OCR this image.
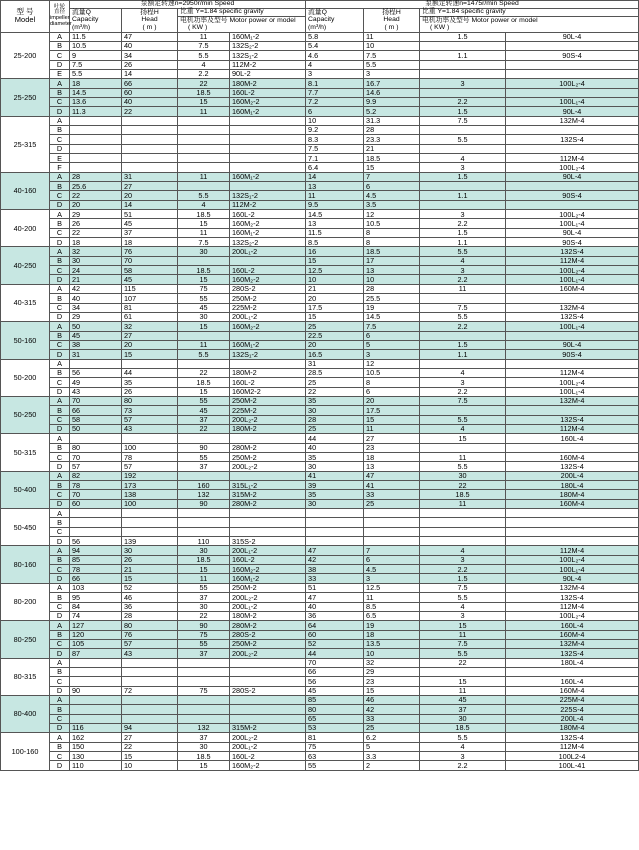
型 号
Model	叶轮
直径
impeller
diameter	泵额定转速n=2950r/min Speed				泵额定转速n=1475r/min Speed			
		流量Q
Capacity
(m³/h)	扬程H
Head
( m )	比重 Y=1.84 specific gravity		流量Q
Capacity
(m³/h)	扬程H
Head
( m )	比重 Y=1.84 specific gravity	
				电机功率及型号 Motor power or model
( KW )				电机功率及型号 Motor power or model
( KW )	
25-200	A	11.5	47	11	160M₁-2	5.8	11	1.5	90L-4
	B	10.5	40	7.5	132S₂-2	5.4	10		
	C	9	34	5.5	132S₁-2	4.6	7.5	1.1	90S-4
	D	7.5	26	4	112M-2	4	5.5		
	E	5.5	14	2.2	90L-2	3	3		
25-250	A	18	66	22	180M-2	8.1	16.7	3	100L₂-4
	B	14.5	60	18.5	160L-2	7.7	14.6		
	C	13.6	40	15	160M₂-2	7.2	9.9	2.2	100L₁-4
	D	11.3	22	11	160M₁-2	6	5.2	1.5	90L-4
25-315	A					10	31.3	7.5	132M-4
	B					9.2	28		
	C					8.3	23.3	5.5	132S-4
	D					7.5	21		
	E					7.1	18.5	4	112M-4
	F					6.4	15	3	100L₂-4
40-160	A	28	31	11	160M₁-2	14	7	1.5	90L-4
	B	25.6	27			13	6		
	C	22	20	5.5	132S₁-2	11	4.5	1.1	90S-4
	D	20	14	4	112M-2	9.5	3.5		
40-200	A	29	51	18.5	160L-2	14.5	12	3	100L₂-4
	B	26	45	15	160M₂-2	13	10.5	2.2	100L₁-4
	C	22	37	11	160M₁-2	11.5	8	1.5	90L-4
	D	18	18	7.5	132S₂-2	8.5	8	1.1	90S-4
40-250	A	32	76	30	200L₁-2	16	18.5	5.5	132S-4
	B	30	70			15	17	4	112M-4
	C	24	58	18.5	160L-2	12.5	13	3	100L₂-4
	D	21	45	15	160M₂-2	10	10	2.2	100L₁-4
40-315	A	42	115	75	280S-2	21	28	11	160M-4
	B	40	107	55	250M-2	20	25.5		
	C	34	81	45	225M-2	17.5	19	7.5	132M-4
	D	29	61	30	200L₁-2	15	14.5	5.5	132S-4
50-160	A	50	32	15	160M₂-2	25	7.5	2.2	100L₁-4
	B	45	27			22.5	6		
	C	38	20	11	160M₁-2	20	5	1.5	90L-4
	D	31	15	5.5	132S₁-2	16.5	3	1.1	90S-4
50-200	A					31	12		
	B	56	44	22	180M-2	28.5	10.5	4	112M-4
	C	49	35	18.5	160L-2	25	8	3	100L₂-4
	D	43	26	15	160M2-2	22	6	2.2	100L₁-4
50-250	A	70	80	55	250M-2	35	20	7.5	132M-4
	B	66	73	45	225M-2	30	17.5		
	C	58	57	37	200L₂-2	28	15	5.5	132S-4
	D	50	43	22	180M-2	25	11	4	112M-4
50-315	A					44	27	15	160L-4
	B	80	100	90	280M-2	40	23		
	C	70	78	55	250M-2	35	18	11	160M-4
	D	57	57	37	200L₂-2	30	13	5.5	132S-4
50-400	A	82	192			41	47	30	200L-4
	B	78	173	160	315L₁-2	39	41	22	180L-4
	C	70	138	132	315M-2	35	33	18.5	180M-4
	D	60	100	90	280M-2	30	25	11	160M-4
50-450	A								
	B								
	C								
	D	56	139	110	315S-2				
80-160	A	94	30	30	200L₁-2	47	7	4	112M-4
	B	85	26	18.5	160L-2	42	6	3	100L₂-4
	C	78	21	15	160M₂-2	38	4.5	2.2	100L₁-4
	D	66	15	11	160M₁-2	33	3	1.5	90L-4
80-200	A	103	52	55	250M-2	51	12.5	7.5	132M-4
	B	95	46	37	200L₂-2	47	11	5.5	132S-4
	C	84	36	30	200L₁-2	40	8.5	4	112M-4
	D	74	28	22	180M-2	36	6.5	3	100L₂-4
80-250	A	127	80	90	280M-2	64	19	15	160L-4
	B	120	76	75	280S-2	60	18	11	160M-4
	C	105	57	55	250M-2	52	13.5	7.5	132M-4
	D	87	43	37	200L₂-2	44	10	5.5	132S-4
80-315	A					70	32	22	180L-4
	B					66	29		
	C					56	23	15	160L-4
	D	90	72	75	280S-2	45	15	11	160M-4
80-400	A					85	46	45	225M-4
	B					80	42	37	225S-4
	C					65	33	30	200L-4
	D	116	94	132	315M-2	53	25	18.5	180M-4
100-160	A	162	27	37	200L₂-2	81	6.2	5.5	132S-4
	B	150	22	30	200L₁-2	75	5	4	112M-4
	C	130	15	18.5	160L-2	63	3.3	3	100L2-4
	D	110	10	15	160M₂-2	55	2	2.2	100L-41
